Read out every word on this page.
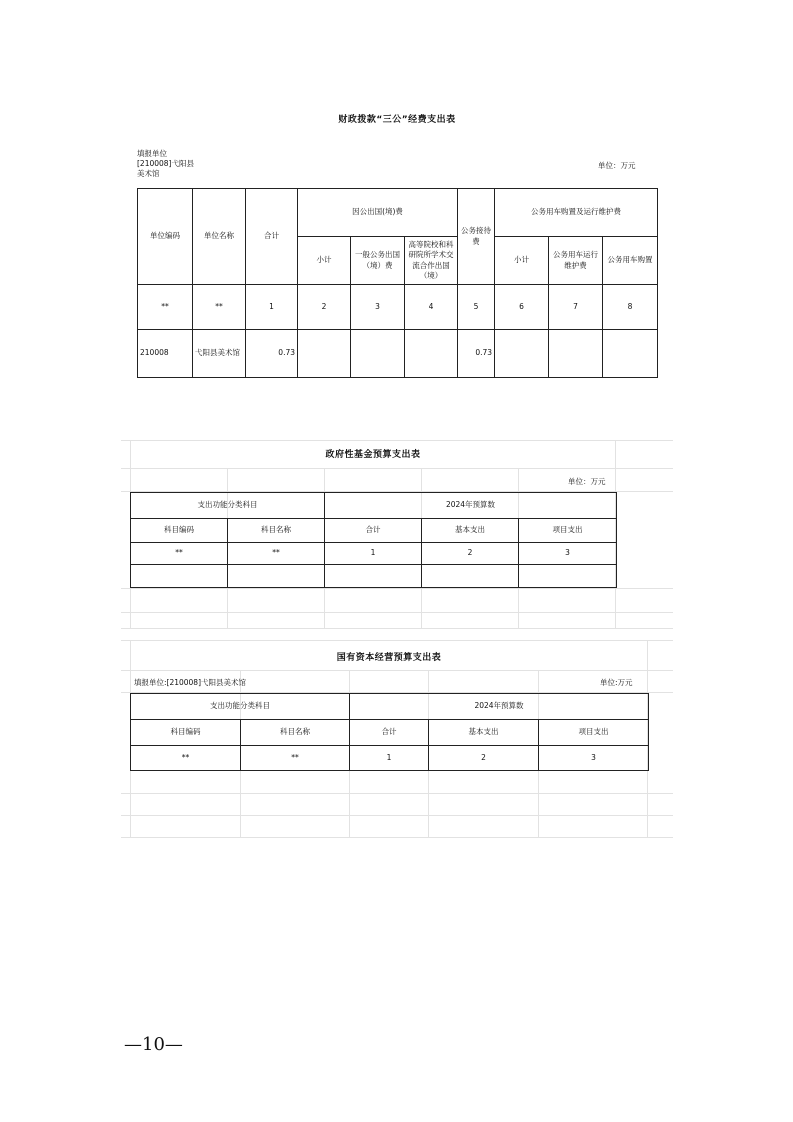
财政拨款“三公”经费支出表
填报单位
[210008]弋阳县美术馆
单位：万元
单位编码	单位名称	合计	因公出国(境)费			公务接待费	公务用车购置及运行维护费		
			小计	一般公务出国（境）费	高等院校和科研院所学术交流合作出国（境）		小计	公务用车运行维护费	公务用车购置
**	**	1	2	3	4	5	6	7	8
210008	弋阳县美术馆	0.73				0.73			
政府性基金预算支出表
单位：万元
支出功能分类科目		2024年预算数		
科目编码	科目名称	合计	基本支出	项目支出
**	**	1	2	3

国有资本经营预算支出表
填报单位:[210008]弋阳县美术馆	单位:万元
支出功能分类科目		2024年预算数		
科目编码	科目名称	合计	基本支出	项目支出
**	**	1	2	3
—10—
